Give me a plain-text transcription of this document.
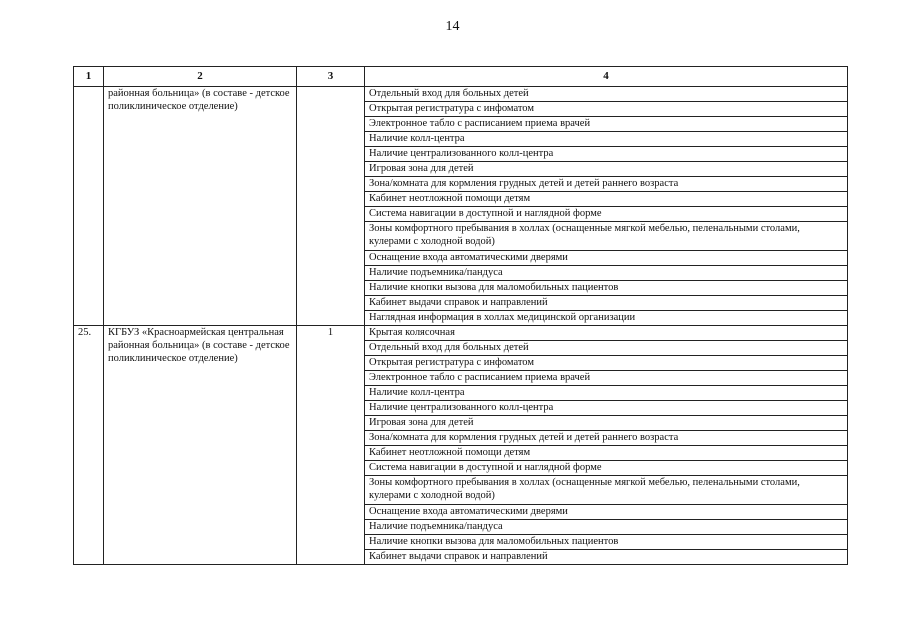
14
1	2	3	4
	районная больница» (в составе - детское поликлиническое отделение)		Отдельный вход для больных детей
			Открытая регистратура с инфоматом
			Электронное табло с расписанием приема врачей
			Наличие колл-центра
			Наличие централизованного колл-центра
			Игровая зона для детей
			Зона/комната для кормления грудных детей и детей раннего возраста
			Кабинет неотложной помощи детям
			Система навигации в доступной и наглядной форме
			Зоны комфортного пребывания в холлах (оснащенные мягкой мебелью, пеленальными столами, кулерами с холодной водой)
			Оснащение входа автоматическими дверями
			Наличие подъемника/пандуса
			Наличие кнопки вызова для маломобильных пациентов
			Кабинет выдачи справок и направлений
			Наглядная информация в холлах медицинской организации
25.	КГБУЗ «Красноармейская центральная районная больница» (в составе - детское поликлиническое отделение)	1	Крытая колясочная
			Отдельный вход для больных детей
			Открытая регистратура с инфоматом
			Электронное табло с расписанием приема врачей
			Наличие колл-центра
			Наличие централизованного колл-центра
			Игровая зона для детей
			Зона/комната для кормления грудных детей и детей раннего возраста
			Кабинет неотложной помощи детям
			Система навигации в доступной и наглядной форме
			Зоны комфортного пребывания в холлах (оснащенные мягкой мебелью, пеленальными столами, кулерами с холодной водой)
			Оснащение входа автоматическими дверями
			Наличие подъемника/пандуса
			Наличие кнопки вызова для маломобильных пациентов
			Кабинет выдачи справок и направлений
